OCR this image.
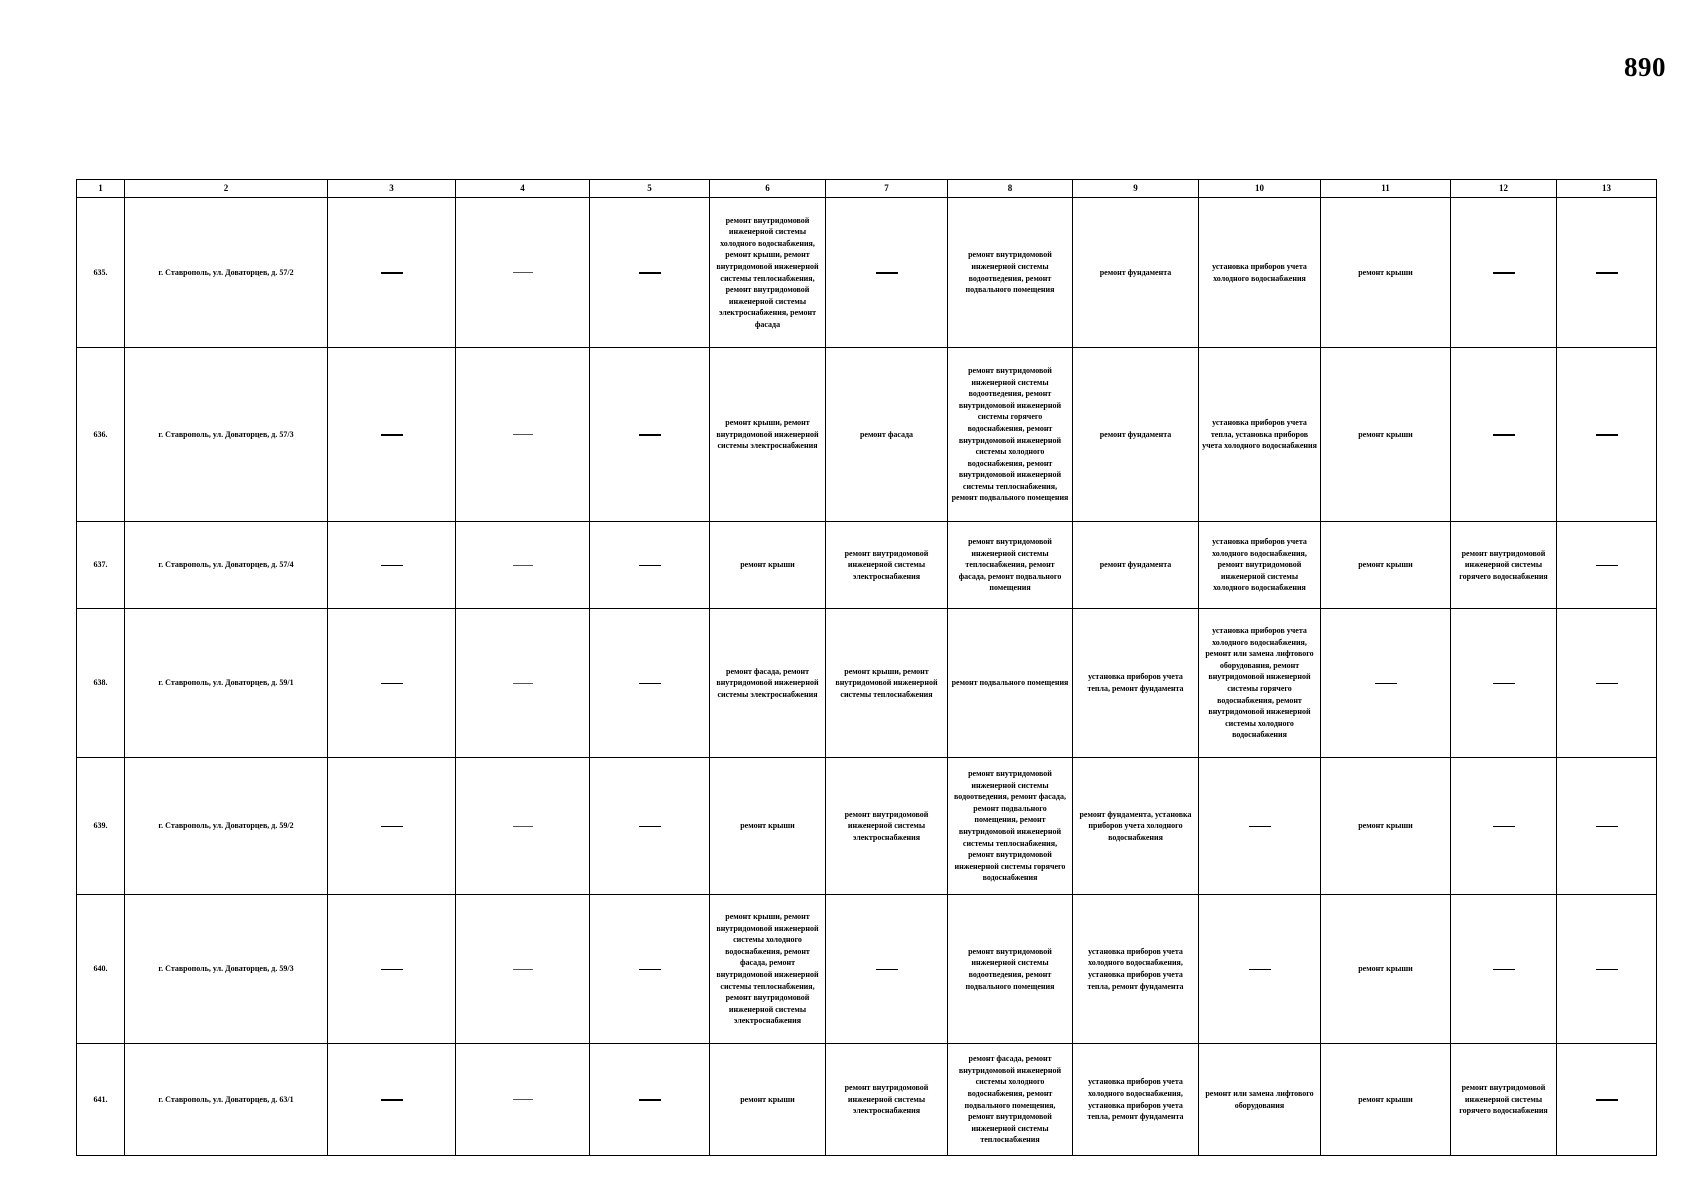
890
1	2	3	4	5	6	7	8	9	10	11	12	13
635.	г. Ставрополь, ул. Доваторцев, д. 57/2				ремонт внутридомовой инженерной системы холодного водоснабжения, ремонт крыши, ремонт внутридомовой инженерной системы теплоснабжения, ремонт внутридомовой инженерной системы электроснабжения, ремонт фасада		ремонт внутридомовой инженерной системы водоотведения, ремонт подвального помещения	ремонт фундамента	установка приборов учета холодного водоснабжения	ремонт крыши		
636.	г. Ставрополь, ул. Доваторцев, д. 57/3				ремонт крыши, ремонт внутридомовой инженерной системы электроснабжения	ремонт фасада	ремонт внутридомовой инженерной системы водоотведения, ремонт внутридомовой инженерной системы горячего водоснабжения, ремонт внутридомовой инженерной системы холодного водоснабжения, ремонт внутридомовой инженерной системы теплоснабжения, ремонт подвального помещения	ремонт фундамента	установка приборов учета тепла, установка приборов учета холодного водоснабжения	ремонт крыши		
637.	г. Ставрополь, ул. Доваторцев, д. 57/4				ремонт крыши	ремонт внутридомовой инженерной системы электроснабжения	ремонт внутридомовой инженерной системы теплоснабжения, ремонт фасада, ремонт подвального помещения	ремонт фундамента	установка приборов учета холодного водоснабжения, ремонт внутридомовой инженерной системы холодного водоснабжения	ремонт крыши	ремонт внутридомовой инженерной системы горячего водоснабжения	
638.	г. Ставрополь, ул. Доваторцев, д. 59/1				ремонт фасада, ремонт внутридомовой инженерной системы электроснабжения	ремонт крыши, ремонт внутридомовой инженерной системы теплоснабжения	ремонт подвального помещения	установка приборов учета тепла, ремонт фундамента	установка приборов учета холодного водоснабжения, ремонт или замена лифтового оборудования, ремонт внутридомовой инженерной системы горячего водоснабжения, ремонт внутридомовой инженерной системы холодного водоснабжения			
639.	г. Ставрополь, ул. Доваторцев, д. 59/2				ремонт крыши	ремонт внутридомовой инженерной системы электроснабжения	ремонт внутридомовой инженерной системы водоотведения, ремонт фасада, ремонт подвального помещения, ремонт внутридомовой инженерной системы теплоснабжения, ремонт внутридомовой инженерной системы горячего водоснабжения	ремонт фундамента, установка приборов учета холодного водоснабжения		ремонт крыши		
640.	г. Ставрополь, ул. Доваторцев, д. 59/3				ремонт крыши, ремонт внутридомовой инженерной системы холодного водоснабжения, ремонт фасада, ремонт внутридомовой инженерной системы теплоснабжения, ремонт внутридомовой инженерной системы электроснабжения		ремонт внутридомовой инженерной системы водоотведения, ремонт подвального помещения	установка приборов учета холодного водоснабжения, установка приборов учета тепла, ремонт фундамента		ремонт крыши		
641.	г. Ставрополь, ул. Доваторцев, д. 63/1				ремонт крыши	ремонт внутридомовой инженерной системы электроснабжения	ремонт фасада, ремонт внутридомовой инженерной системы холодного водоснабжения, ремонт подвального помещения, ремонт внутридомовой инженерной системы теплоснабжения	установка приборов учета холодного водоснабжения, установка приборов учета тепла, ремонт фундамента	ремонт или замена лифтового оборудования	ремонт крыши	ремонт внутридомовой инженерной системы горячего водоснабжения	
